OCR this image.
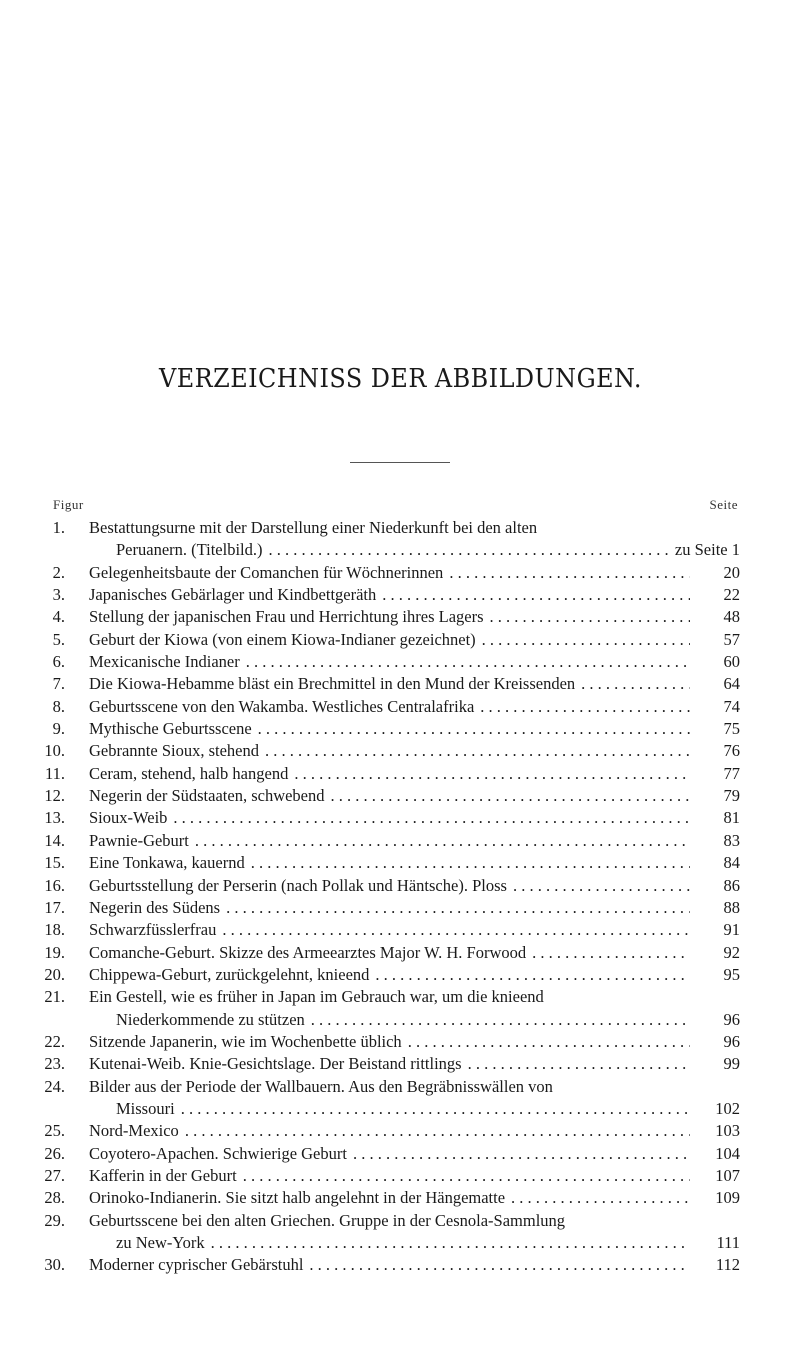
VERZEICHNISS DER ABBILDUNGEN.
Figur	Seite
1. Bestattungsurne mit der Darstellung einer Niederkunft bei den alten
Peruanern. (Titelbild.) . . .	zu Seite 1
2. Gelegenheitsbaute der Comanchen für Wöchnerinnen . . .	20
3. Japanisches Gebärlager und Kindbettgeräth . . .	22
4. Stellung der japanischen Frau und Herrichtung ihres Lagers . . .	48
5. Geburt der Kiowa (von einem Kiowa-Indianer gezeichnet) . . .	57
6. Mexicanische Indianer . . .	60
7. Die Kiowa-Hebamme bläst ein Brechmittel in den Mund der Kreissenden . . .	64
8. Geburtsscene von den Wakamba. Westliches Centralafrika . . .	74
9. Mythische Geburtsscene . . .	75
10. Gebrannte Sioux, stehend . . .	76
11. Ceram, stehend, halb hangend . . .	77
12. Negerin der Südstaaten, schwebend . . .	79
13. Sioux-Weib . . .	81
14. Pawnie-Geburt . . .	83
15. Eine Tonkawa, kauernd . . .	84
16. Geburtsstellung der Perserin (nach Pollak und Häntsche). Ploss . . .	86
17. Negerin des Südens . . .	88
18. Schwarzfüsslerfrau . . .	91
19. Comanche-Geburt. Skizze des Armeearztes Major W. H. Forwood . . .	92
20. Chippewa-Geburt, zurückgelehnt, knieend . . .	95
21. Ein Gestell, wie es früher in Japan im Gebrauch war, um die knieend
Niederkommende zu stützen . . .	96
22. Sitzende Japanerin, wie im Wochenbette üblich . . .	96
23. Kutenai-Weib. Knie-Gesichtslage. Der Beistand rittlings . . .	99
24. Bilder aus der Periode der Wallbauern. Aus den Begräbnisswällen von
Missouri . . .	102
25. Nord-Mexico . . .	103
26. Coyotero-Apachen. Schwierige Geburt . . .	104
27. Kafferin in der Geburt . . .	107
28. Orinoko-Indianerin. Sie sitzt halb angelehnt in der Hängematte . . .	109
29. Geburtsscene bei den alten Griechen. Gruppe in der Cesnola-Sammlung
zu New-York . . .	111
30. Moderner cyprischer Gebärstuhl . . .	112
